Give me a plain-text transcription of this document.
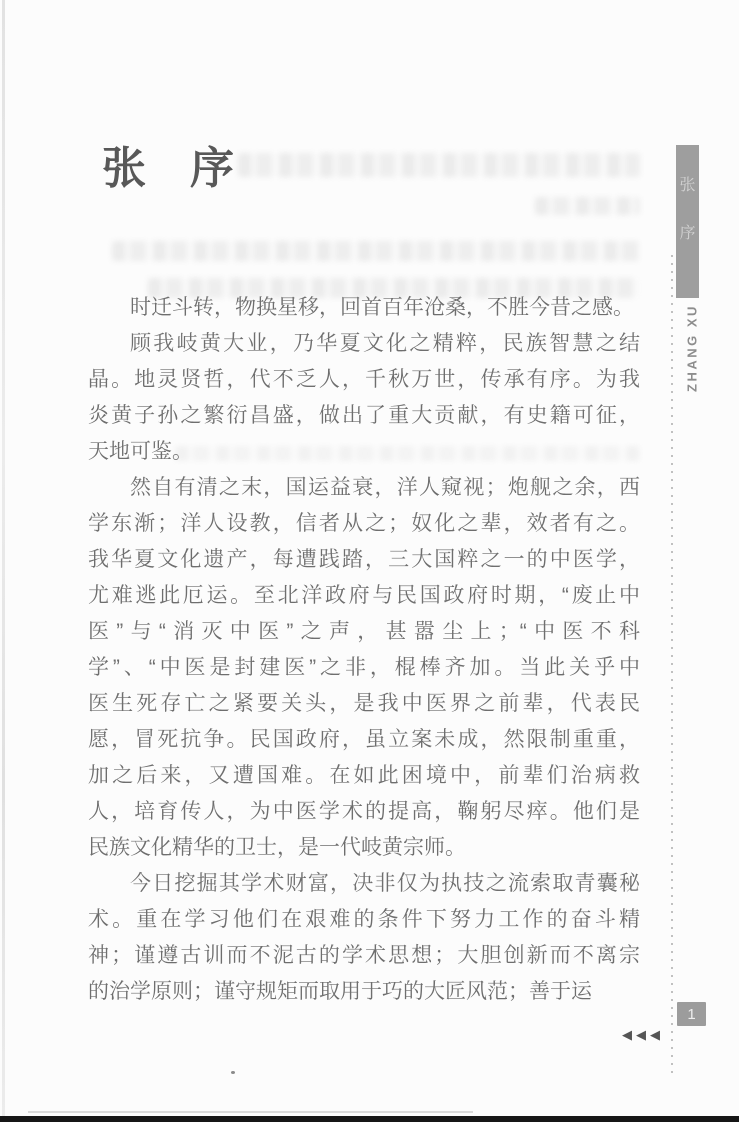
张　序
时迁斗转，物换星移，回首百年沧桑，不胜今昔之感。
顾我岐黄大业，乃华夏文化之精粹，民族智慧之结
晶。地灵贤哲，代不乏人，千秋万世，传承有序。为我
炎黄子孙之繁衍昌盛，做出了重大贡献，有史籍可征，
天地可鉴。
然自有清之末，国运益衰，洋人窥视；炮舰之余，西
学东渐；洋人设教，信者从之；奴化之辈，效者有之。
我华夏文化遗产，每遭践踏，三大国粹之一的中医学，
尤难逃此厄运。至北洋政府与民国政府时期，“废止中
医”与“消灭中医”之声，甚嚣尘上；“中医不科
学”、“中医是封建医”之非，棍棒齐加。当此关乎中
医生死存亡之紧要关头，是我中医界之前辈，代表民
愿，冒死抗争。民国政府，虽立案未成，然限制重重，
加之后来，又遭国难。在如此困境中，前辈们治病救
人，培育传人，为中医学术的提高，鞠躬尽瘁。他们是
民族文化精华的卫士，是一代岐黄宗师。
今日挖掘其学术财富，决非仅为执技之流索取青囊秘
术。重在学习他们在艰难的条件下努力工作的奋斗精
神；谨遵古训而不泥古的学术思想；大胆创新而不离宗
的治学原则；谨守规矩而取用于巧的大匠风范；善于运
张
序
ZHANG XU
1
◀◀◀
